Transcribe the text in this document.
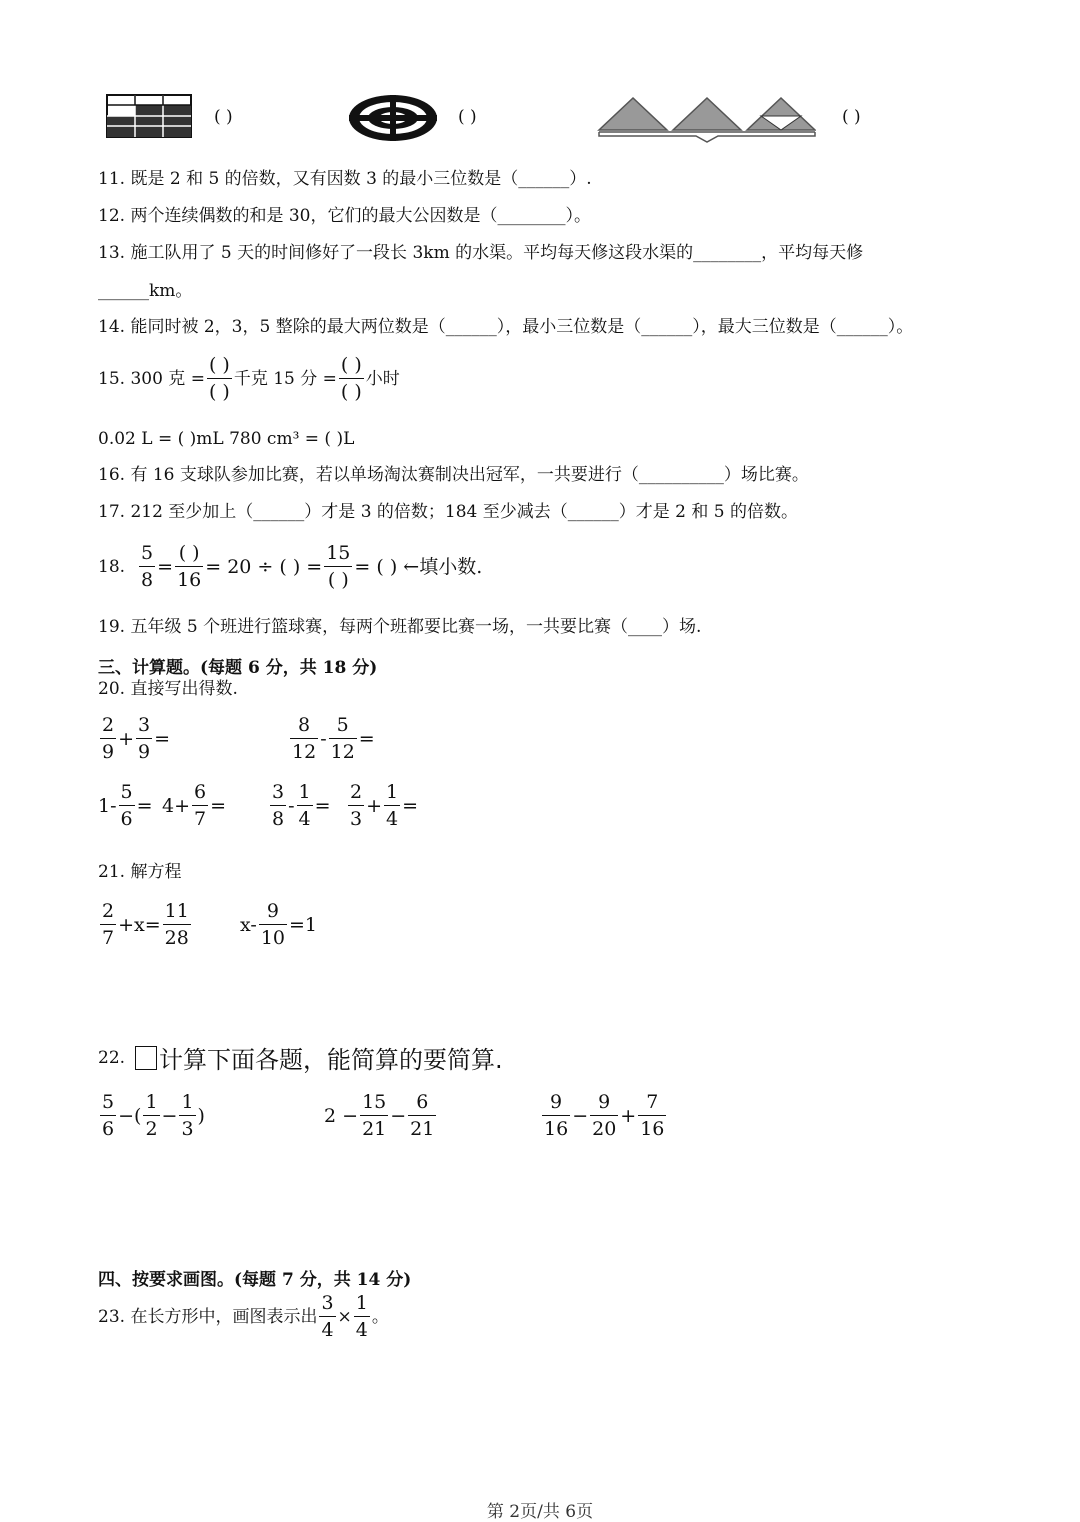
( )	( )	( )
11. 既是 2 和 5 的倍数，又有因数 3 的最小三位数是（______）.
12. 两个连续偶数的和是 30，它们的最大公因数是（________）。
13. 施工队用了 5 天的时间修好了一段长 3km 的水渠。平均每天修这段水渠的________，平均每天修
______km。
14. 能同时被 2，3，5 整除的最大两位数是（______），最小三位数是（______），最大三位数是（______）。
15. 300 克 = $\frac{( )}{( )}$ 千克 15 分 = $\frac{( )}{( )}$ 小时
0.02 L = ( )mL 780 cm³ = ( )L
16. 有 16 支球队参加比赛，若以单场淘汰赛制决出冠军，一共要进行（__________）场比赛。
17. 212 至少加上（______）才是 3 的倍数；184 至少减去（______）才是 2 和 5 的倍数。
18. $\frac{5}{8} = \frac{( )}{16} = 20$ ÷ ( ) = $\frac{15}{( )}$ = ( ) ←填小数.
19. 五年级 5 个班进行篮球赛，每两个班都要比赛一场，一共要比赛（____）场.
三、计算题。(每题 6 分，共 18 分)
20. 直接写出得数.
$\frac{2}{9} + \frac{3}{9}$ =	$\frac{8}{12} - \frac{5}{12}$ =
$1- \frac{5}{6} = 4+ \frac{6}{7} = \frac{3}{8} - \frac{1}{4} = \frac{2}{3} + \frac{1}{4}$ =
21. 解方程
$\frac{2}{7} +x= \frac{11}{28}$	$x- \frac{9}{10} =1$
22. 计算下面各题，能简算的要简算.
$\frac{5}{6}$ −( $\frac{1}{2} - \frac{1}{3}$ )	$2 - \frac{15}{21} - \frac{6}{21}$	$\frac{9}{16} - \frac{9}{20} + \frac{7}{16}$
四、按要求画图。(每题 7 分，共 14 分)
23. 在长方形中，画图表示出 $\frac{3}{4} \times \frac{1}{4}$ 。
第 2页/共 6页
